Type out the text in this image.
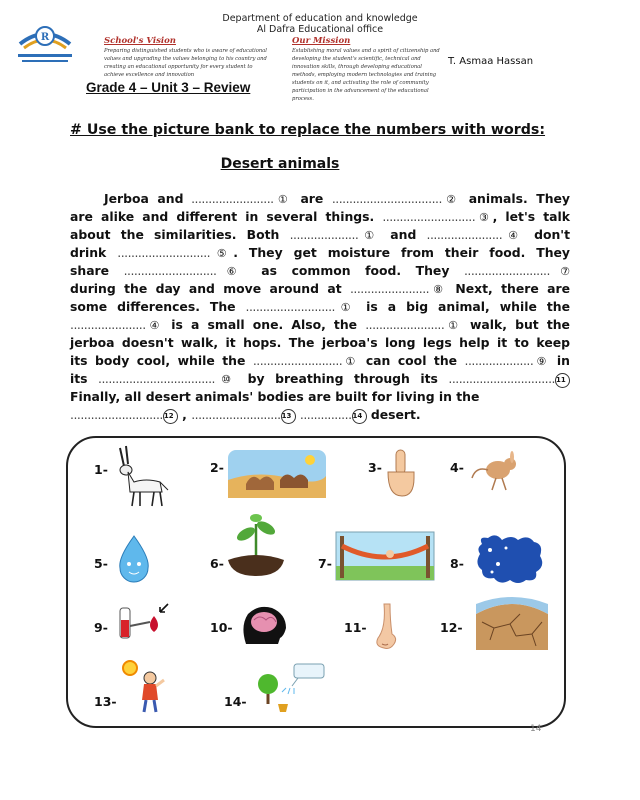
R
Department of education and knowledge
Al Dafra Educational office
School's Vision
Preparing distinguished students who is aware of educational values and upgrading the values belonging to his country and creating an educational opportunity for every student to achieve excellence and innovation
Our Mission
Establishing moral values and a spirit of citizenship and developing the student's scientific, technical and innovation skills, through developing educational methods, employing modern technologies and training students on it, and activating the role of community participation in the advancement of the educational process.
T. Asmaa Hassan
Grade 4 – Unit 3 – Review
# Use the picture bank to replace the numbers with words:
Desert animals
Jerboa and ........................① are ................................② animals. They
are alike and different in several things. ...........................③, let's talk
about the similarities. Both ....................① and ......................④ don't
drink ...........................⑤. They get moisture from their food. They
share ...........................⑥ as common food. They .........................⑦
during the day and move around at .......................⑧ Next, there are
some differences. The ..........................① is a big animal, while the
......................④ is a small one. Also, the .......................① walk, but the
jerboa doesn't walk, it hops. The jerboa's long legs help it to keep
its body cool, while the ..........................① can cool the ....................⑨ in
its ..................................⑩ by breathing through its ...............................11
Finally, all desert animals' bodies are built for living in the
...........................12 , ..........................13 ...............14 desert.
1-	2-	3-	4-
5-	6-	7-	8-
9-	10-	11-	12-
13-	14-
14
